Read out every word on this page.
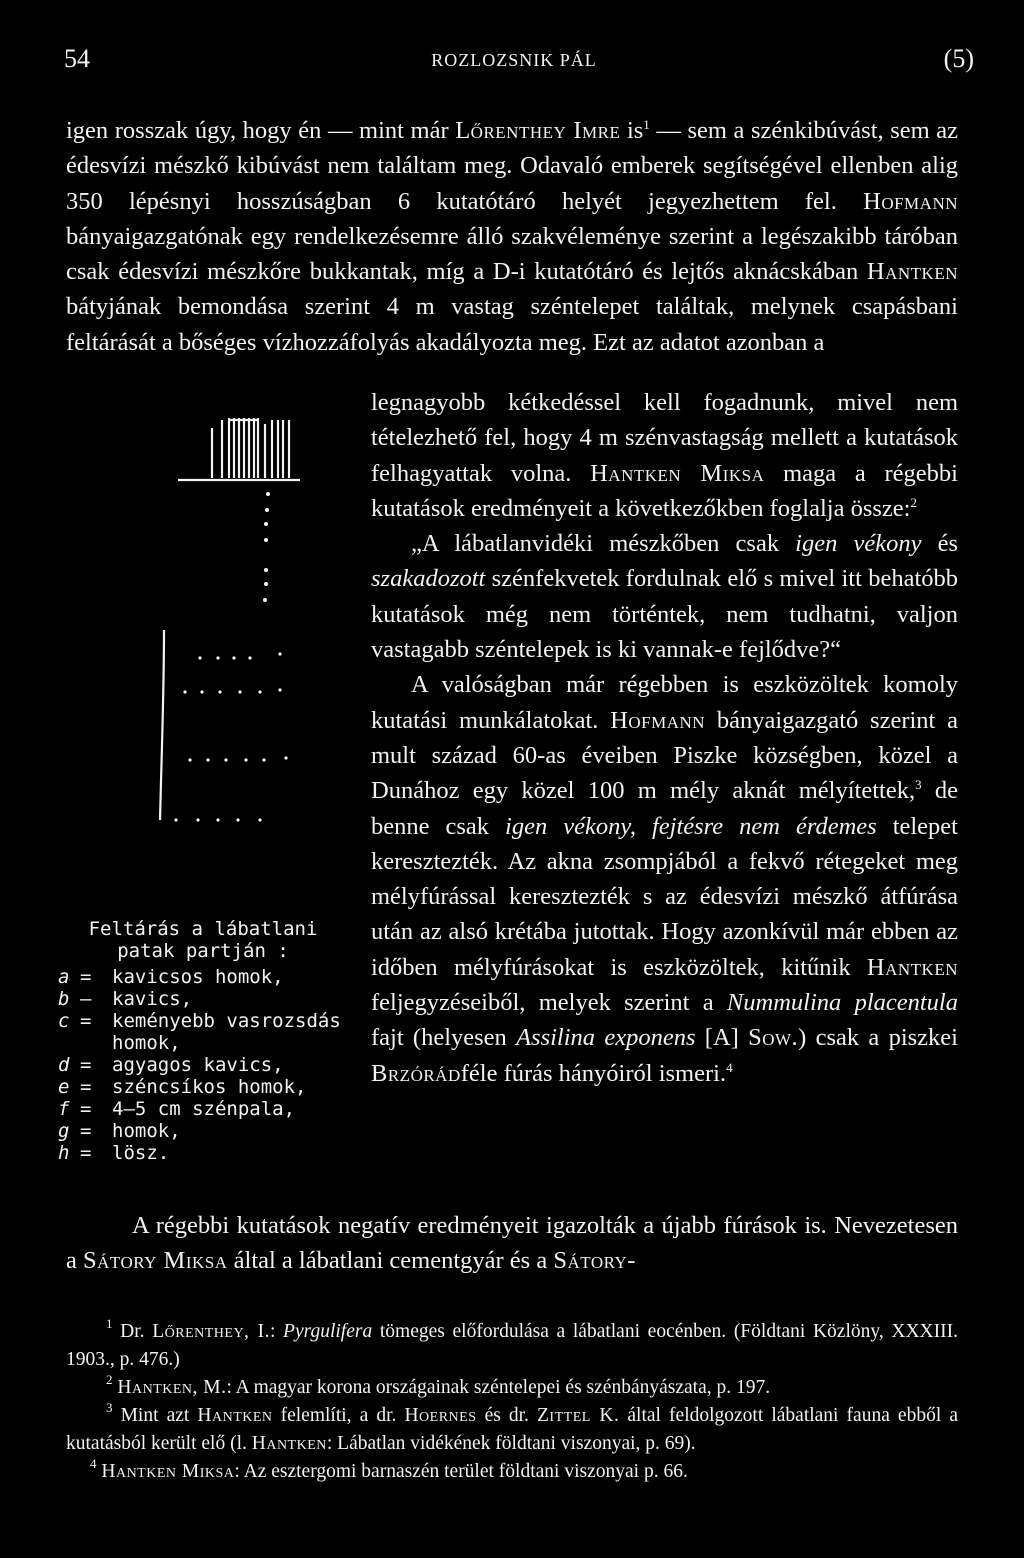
54	ROZLOZSNIK PÁL	(5)

igen rosszak úgy, hogy én — mint már Lőrenthey Imre $is^1$ — sem a szénkibúvást, sem az édesvízi mészkő kibúvást nem találtam meg. Odavaló emberek segítségével ellenben alig 350 lépésnyi hosszúságban 6 kutatótáró helyét jegyezhettem fel. Hofmann bányaigazgatónak egy rendelkezésemre álló szakvéleménye szerint a legészakibb táróban csak édesvízi mészkőre bukkantak, míg a D-i kutatótáró és lejtős aknácskában Hantken bátyjának bemondása szerint 4 m vastag széntelepet találtak, melynek csapásbani feltárását a bőséges vízhozzáfolyás akadályozta meg. Ezt az adatot azonban a

legnagyobb kétkedéssel kell fogadnunk, mivel nem tételezhető fel, hogy 4 m szénvastagság mellett a kutatások felhagyattak volna. Hantken Miksa maga a régebbi kutatások eredményeit a következőkben foglalja össze:$^2$

„A lábatlanvidéki mészkőben csak igen vékony és szakadozott szénfekvetek fordulnak elő s mivel itt behatóbb kutatások még nem történtek, nem tudhatni, valjon vastagabb széntelepek is ki vannak-e fejlődve?“

A valóságban már régebben is eszközöltek komoly kutatási munkálatokat. Hofmann bányaigazgató szerint a mult század 60-as éveiben Piszke községben, közel a Dunához egy közel 100 m mély aknát mélyítettek,$^3$ de benne csak igen vékony, fejtésre nem érdemes telepet keresztezték. Az akna zsompjából a fekvő rétegeket meg mélyfúrással keresztezték s az édesvízi mészkő átfúrása után az alsó krétába jutottak. Hogy azonkívül már ebben az időben mélyfúrásokat is eszközöltek, kitűnik Hantken feljegyzéseiből, melyek szerint a Nummulina placentula fajt (helyesen Assilina exponens [A] Sow.) csak a piszkei Brzórádféle fúrás hányóiról ismeri.$^4$

Feltárás a lábatlani patak partján :
a =	kavicsos homok,
b —	kavics,
c =	keményebb vasrozsdás homok,
d =	agyagos kavics,
e =	széncsíkos homok,
f =	4—5 cm szénpala,
g =	homok,
h =	lösz.

A régebbi kutatások negatív eredményeit igazolták a újabb fúrások is. Nevezetesen a Sátory Miksa által a lábatlani cementgyár és a Sátory-

$^1$ Dr. Lőrenthey, I.: Pyrgulifera tömeges előfordulása a lábatlani eocénben. (Földtani Közlöny, XXXIII. 1903., p. 476.)

$^2$ Hantken, M.: A magyar korona országainak széntelepei és szénbányászata, p. 197.

$^3$ Mint azt Hantken felemlíti, a dr. Hoernes és dr. Zittel K. által feldolgozott lábatlani fauna ebből a kutatásból került elő (l. Hantken: Lábatlan vidékének földtani viszonyai, p. 69).

$^4$ Hantken Miksa: Az esztergomi barnaszén terület földtani viszonyai p. 66.
